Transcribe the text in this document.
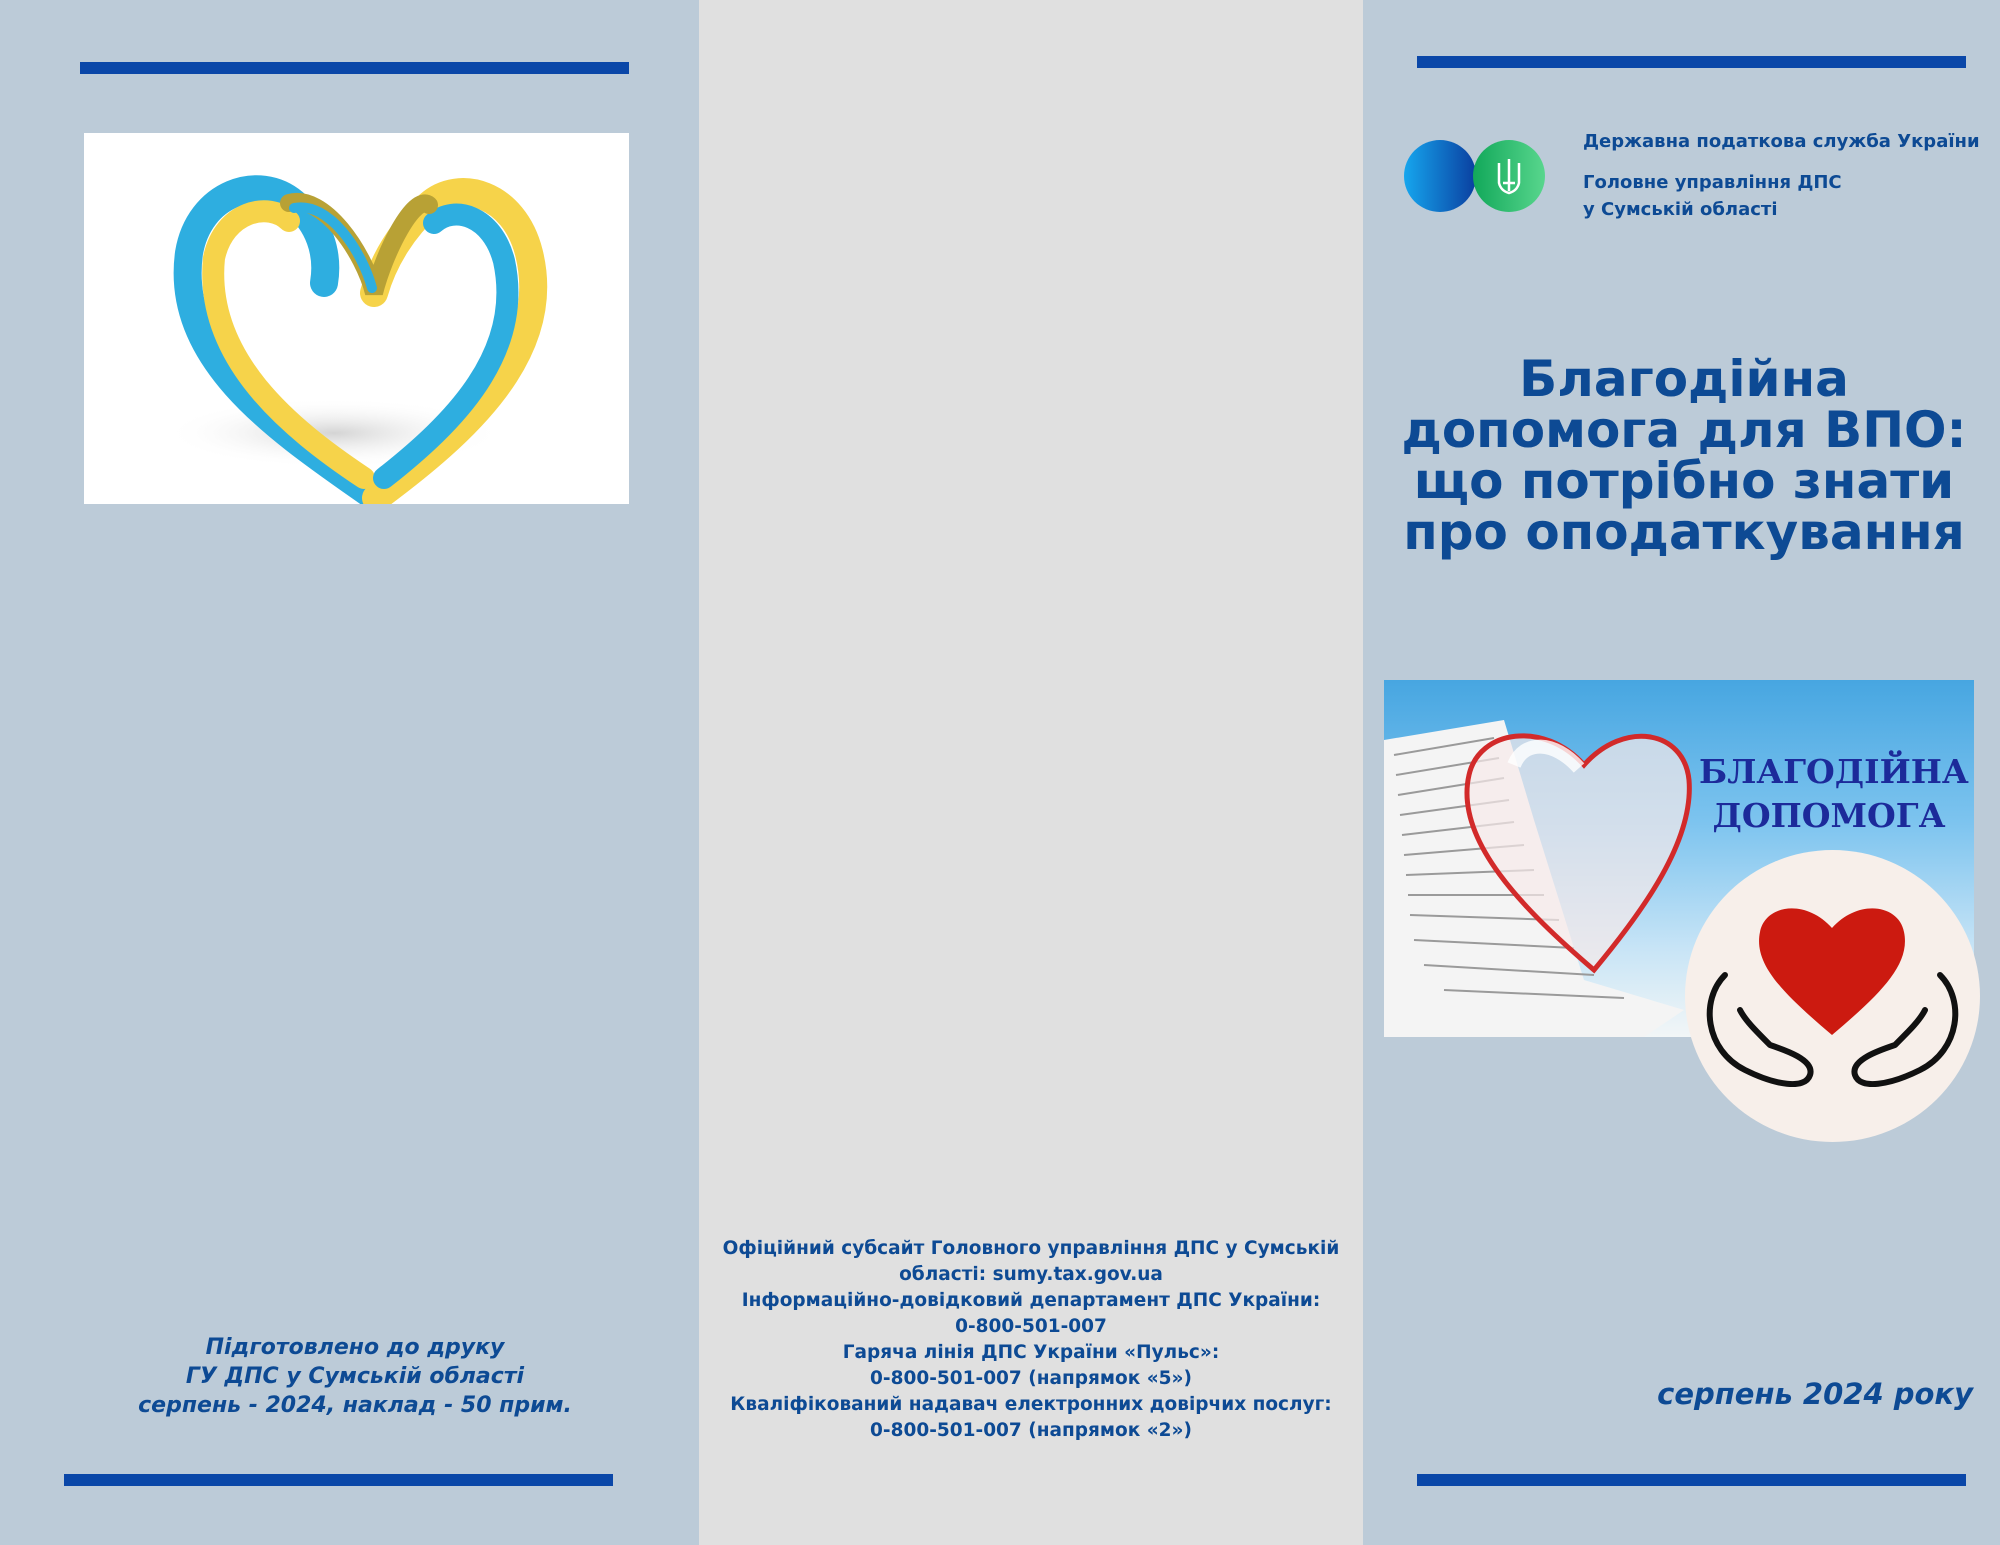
Підготовлено до друку
ГУ ДПС у Сумській області
серпень - 2024, наклад - 50 прим.
Офіційний субсайт Головного управління ДПС у Сумській
області: sumy.tax.gov.ua
Інформаційно-довідковий департамент ДПС України:
0-800-501-007
Гаряча лінія ДПС України «Пульс»:
0-800-501-007 (напрямок «5»)
Кваліфікований надавач електронних довірчих послуг:
0-800-501-007 (напрямок «2»)
Державна податкова служба України
Головне управління ДПС
у Сумській області
Благодійна
допомога для ВПО:
що потрібно знати
про оподаткування
БЛАГОДІЙНА
ДОПОМОГА
серпень 2024 року
